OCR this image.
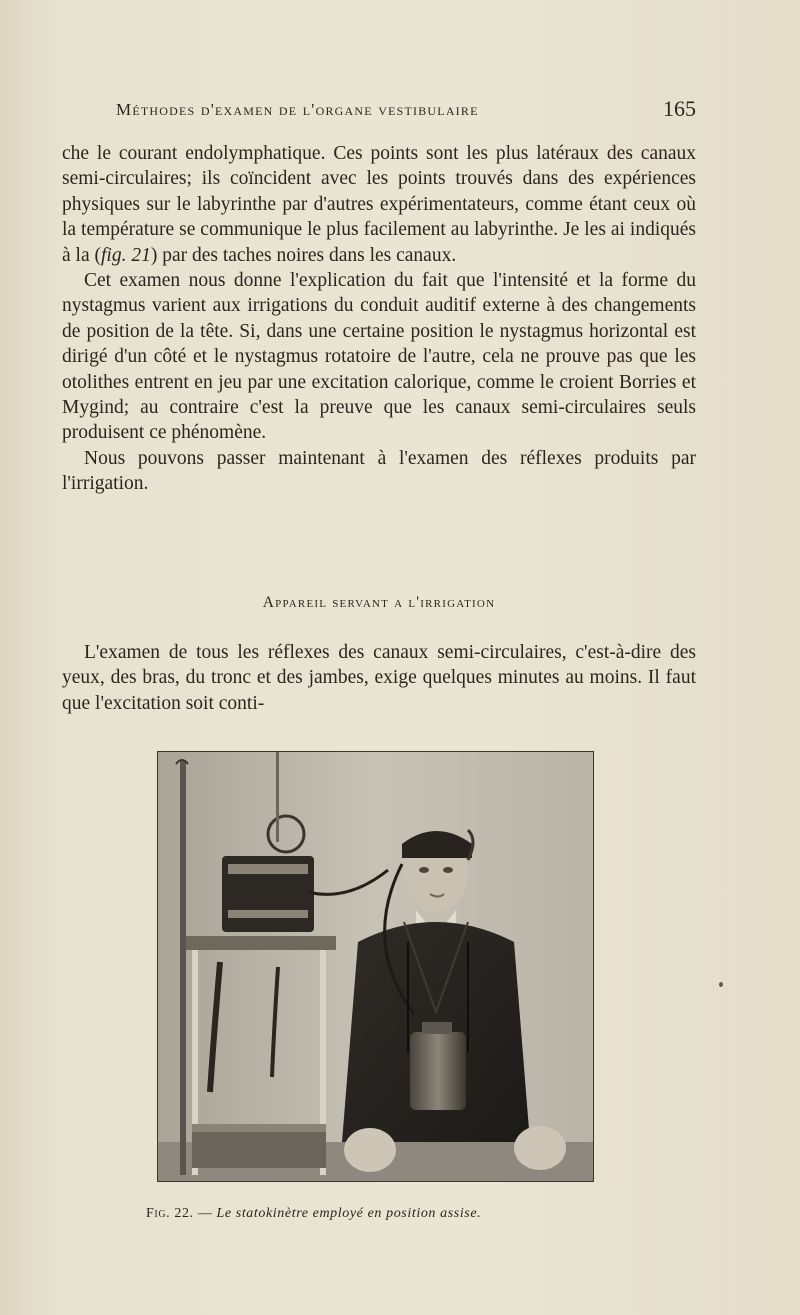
Méthodes d'examen de l'organe vestibulaire	165

che le courant endolymphatique. Ces points sont les plus latéraux des canaux semi-circulaires; ils coïncident avec les points trouvés dans des expériences physiques sur le labyrinthe par d'autres expérimentateurs, comme étant ceux où la température se communique le plus facilement au labyrinthe. Je les ai indiqués à la (fig. 21) par des taches noires dans les canaux.

Cet examen nous donne l'explication du fait que l'intensité et la forme du nystagmus varient aux irrigations du conduit auditif externe à des changements de position de la tête. Si, dans une certaine position le nystagmus horizontal est dirigé d'un côté et le nystagmus rotatoire de l'autre, cela ne prouve pas que les otolithes entrent en jeu par une excitation calorique, comme le croient Borries et Mygind; au contraire c'est la preuve que les canaux semi-circulaires seuls produisent ce phénomène.

Nous pouvons passer maintenant à l'examen des réflexes produits par l'irrigation.

Appareil servant a l'irrigation

L'examen de tous les réflexes des canaux semi-circulaires, c'est-à-dire des yeux, des bras, du tronc et des jambes, exige quelques minutes au moins. Il faut que l'excitation soit conti-

Fig. 22. — Le statokinètre employé en position assise.
